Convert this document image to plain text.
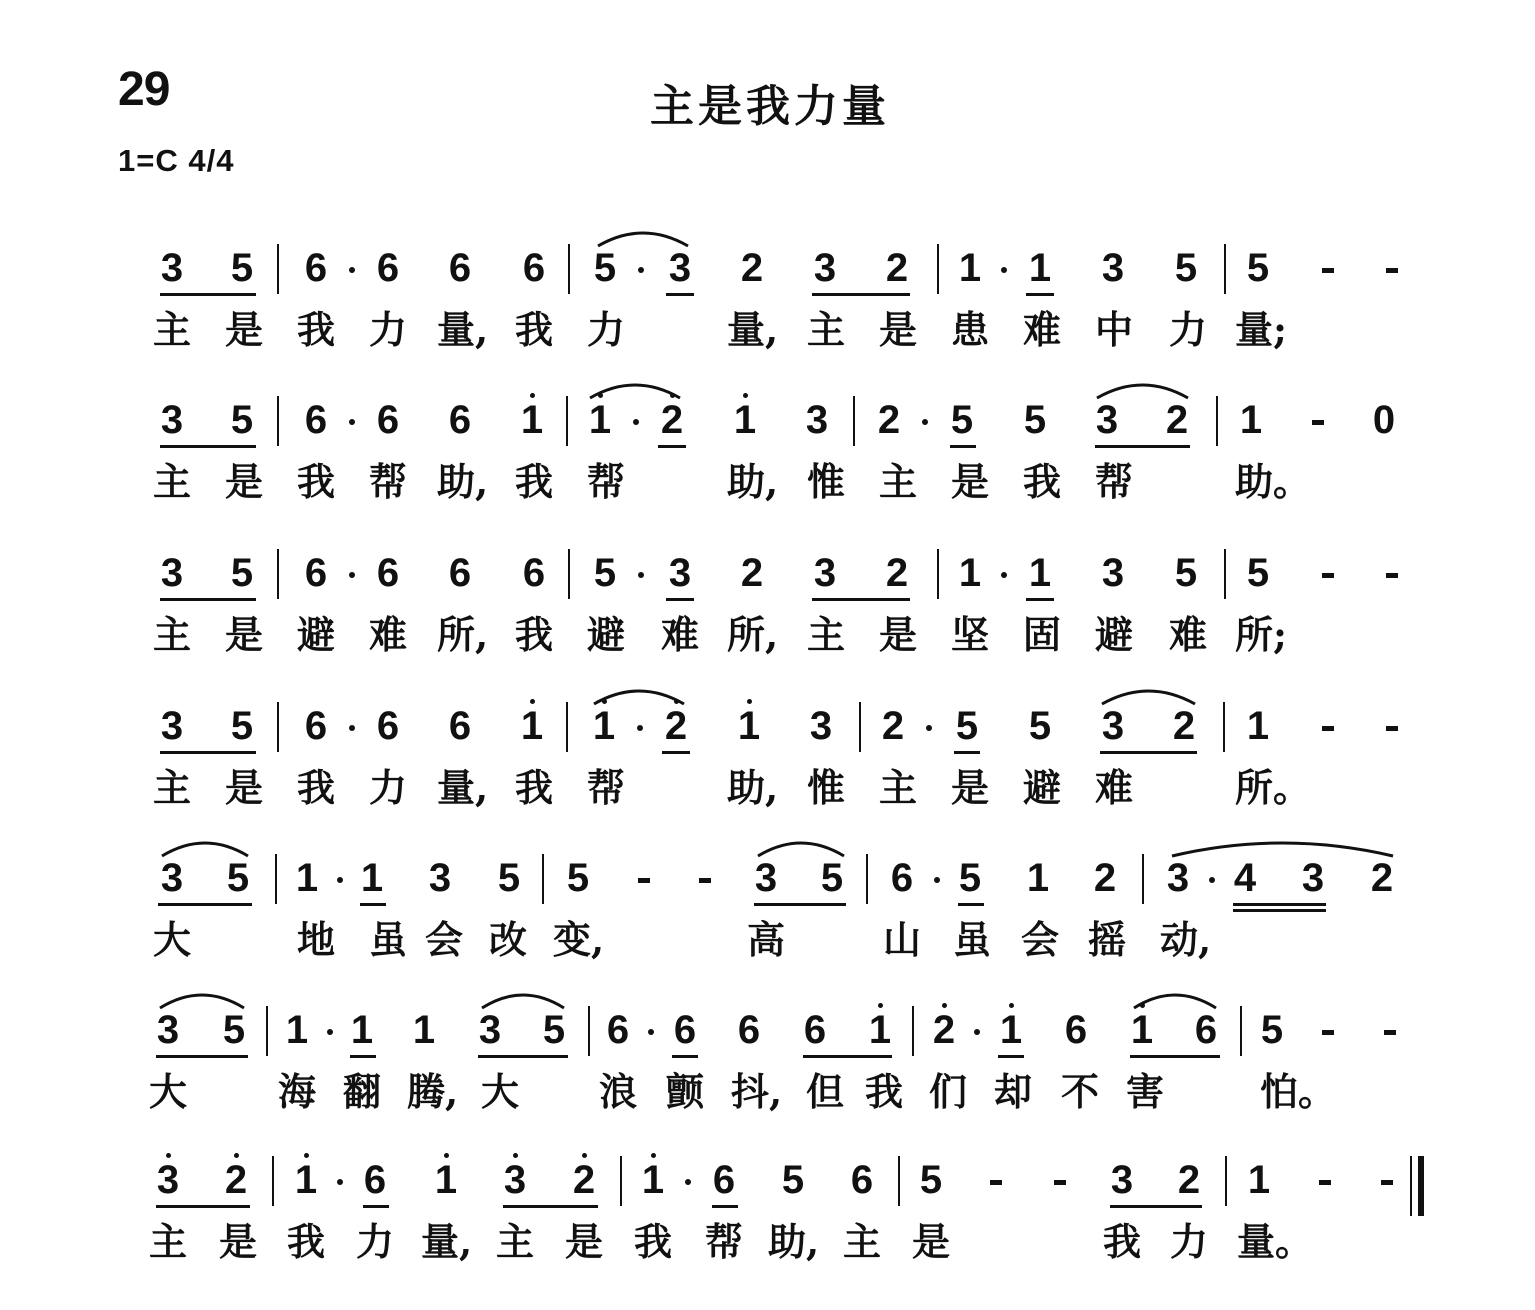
29	主是我力量
1=C 4/4
3 5 6 6 6 6 5 3 2 3 2 1 1 3 5 5
主 是 我 力 量, 我 力	量, 主 是 患 难 中 力 量;
3 5 6 6 6 1 1 2 1 3 2 5 5 3 2 1	0
主 是 我 帮 助, 我 帮	助, 惟 主 是 我 帮	助。
3 5 6 6 6 6 5 3 2 3 2 1 1 3 5 5
主 是 避 难 所, 我 避 难 所, 主 是 坚 固 避 难 所;
3 5 6 6 6 1 1 2 1 3 2 5 5 3 2 1
主 是 我 力 量, 我 帮	助, 惟 主 是 避 难	所。
3 5 1 1 3 5 5	3 5 6 5 1 2 3 4 3 2
大	地 虽 会 改 变,	高	山 虽 会 摇 动,
3 5 1 1 1 3 5 6 6 6 6 1 2 1 6 1 6 5
大 海 翻 腾, 大 浪 颤 抖, 但 我 们 却 不 害	怕。
3 2 1 6 1 3 2 1 6 5 6 5	3 2 1
主 是 我 力 量, 主 是 我 帮 助, 主 是	我 力 量。
